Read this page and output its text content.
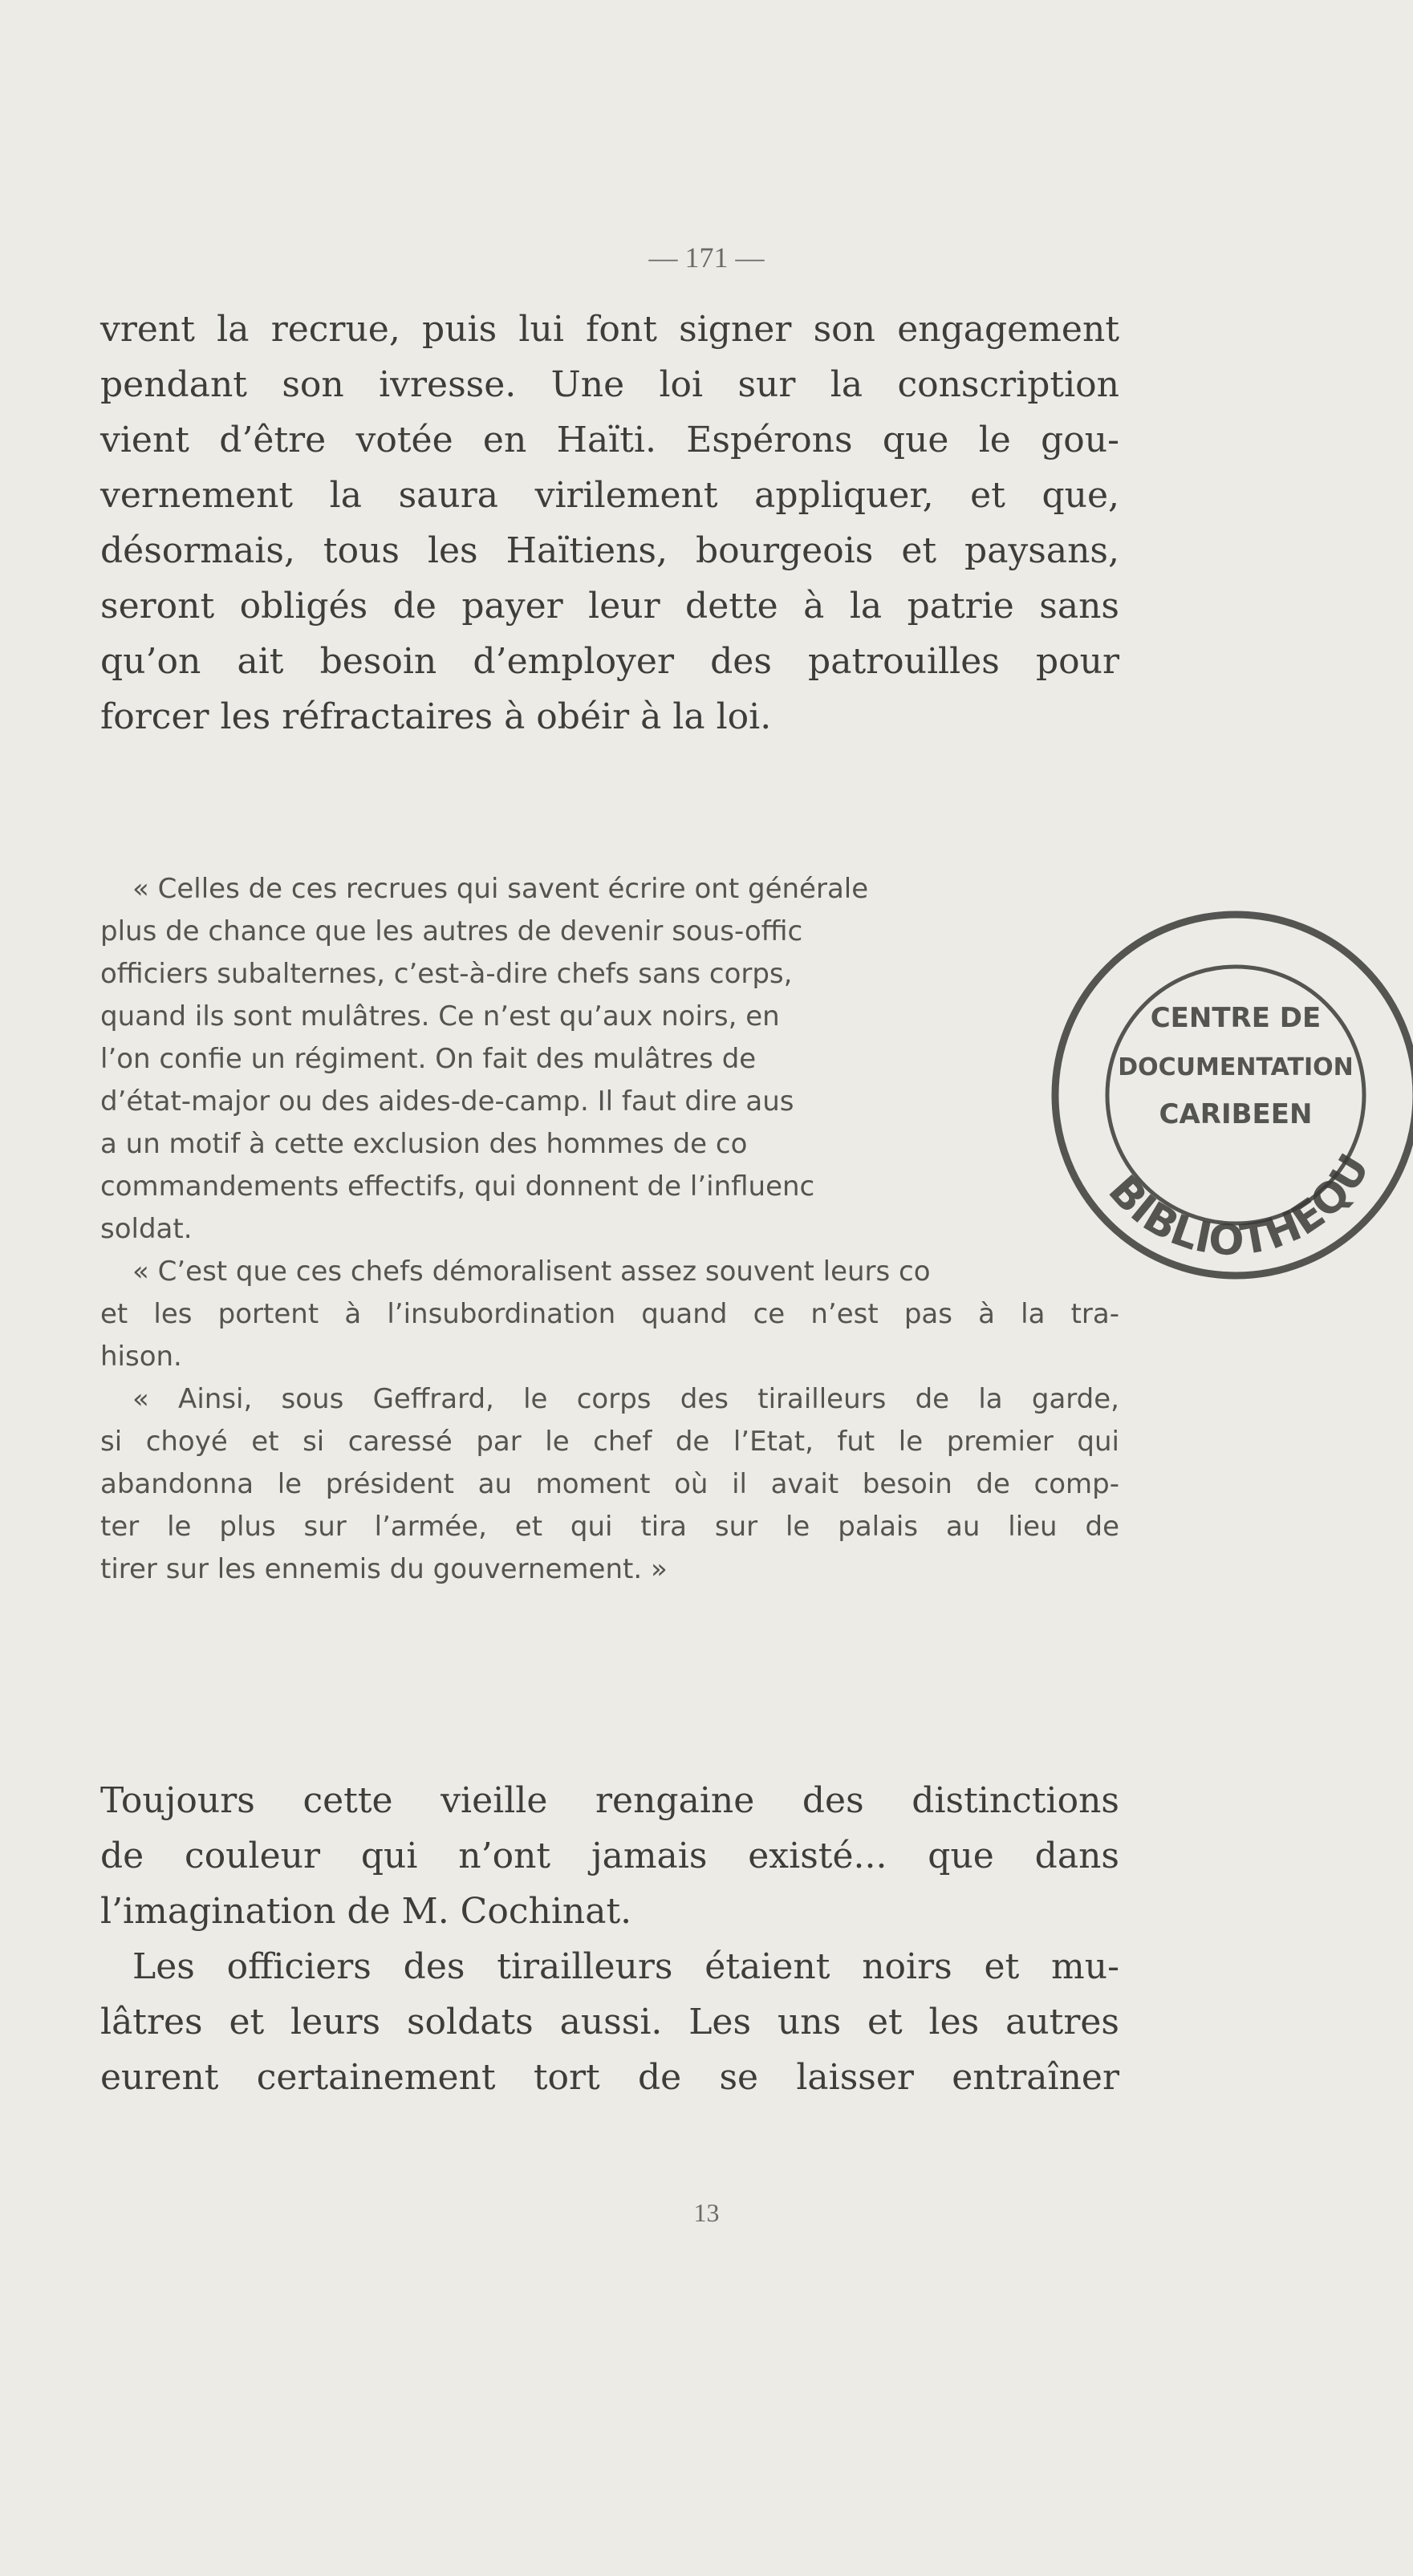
— 171 —
vrent la recrue, puis lui font signer son engagement
pendant son ivresse. Une loi sur la conscription
vient d’être votée en Haïti. Espérons que le gou-
vernement la saura virilement appliquer, et que,
désormais, tous les Haïtiens, bourgeois et paysans,
seront obligés de payer leur dette à la patrie sans
qu’on ait besoin d’employer des patrouilles pour
forcer les réfractaires à obéir à la loi.
« Celles de ces recrues qui savent écrire ont générale
plus de chance que les autres de devenir sous-offic
officiers subalternes, c’est-à-dire chefs sans corps,
quand ils sont mulâtres. Ce n’est qu’aux noirs, en
l’on confie un régiment. On fait des mulâtres de
d’état-major ou des aides-de-camp. Il faut dire aus
a un motif à cette exclusion des hommes de co
commandements effectifs, qui donnent de l’influenc
soldat.
« C’est que ces chefs démoralisent assez souvent leurs co
et les portent à l’insubordination quand ce n’est pas à la tra-
hison.
« Ainsi, sous Geffrard, le corps des tirailleurs de la garde,
si choyé et si caressé par le chef de l’Etat, fut le premier qui
abandonna le président au moment où il avait besoin de comp-
ter le plus sur l’armée, et qui tira sur le palais au lieu de
tirer sur les ennemis du gouvernement. »
Toujours cette vieille rengaine des distinctions
de couleur qui n’ont jamais existé... que dans
l’imagination de M. Cochinat.
Les officiers des tirailleurs étaient noirs et mu-
lâtres et leurs soldats aussi. Les uns et les autres
eurent certainement tort de se laisser entraîner
13
BIBLIOTHEQU
CENTRE DE
DOCUMENTATION
CARIBEEN
